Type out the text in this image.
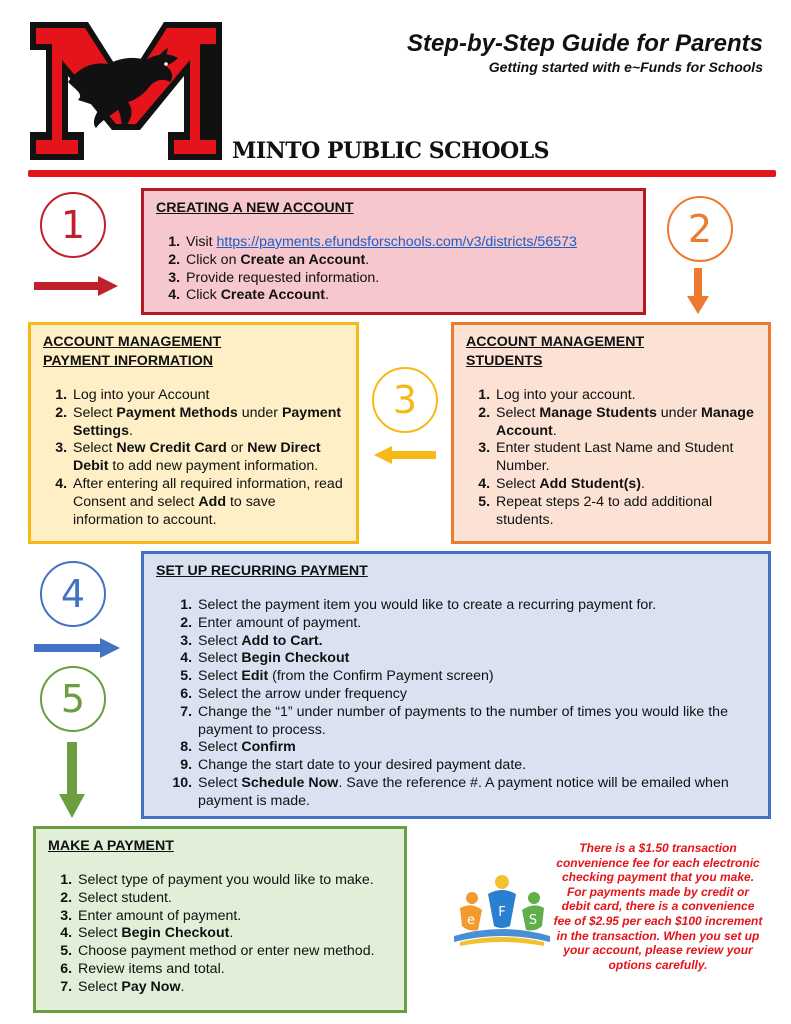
Step-by-Step Guide for Parents
Getting started with e~Funds for Schools
MINTO PUBLIC SCHOOLS
1	2
3
4
5
CREATING A NEW ACCOUNT
1. Visit https://payments.efundsforschools.com/v3/districts/56573
2. Click on Create an Account.
3. Provide requested information.
4. Click Create Account.
ACCOUNT MANAGEMENT
PAYMENT INFORMATION
1. Log into your Account
2. Select Payment Methods under Payment Settings.
3. Select New Credit Card or New Direct Debit to add new payment information.
4. After entering all required information, read Consent and select Add to save information to account.
ACCOUNT MANAGEMENT
STUDENTS
1. Log into your account.
2. Select Manage Students under Manage Account.
3. Enter student Last Name and Student Number.
4. Select Add Student(s).
5. Repeat steps 2-4 to add additional students.
SET UP RECURRING PAYMENT
1. Select the payment item you would like to create a recurring payment for.
2. Enter amount of payment.
3. Select Add to Cart.
4. Select Begin Checkout
5. Select Edit (from the Confirm Payment screen)
6. Select the arrow under frequency
7. Change the “1” under number of payments to the number of times you would like the payment to process.
8. Select Confirm
9. Change the start date to your desired payment date.
10. Select Schedule Now. Save the reference #. A payment notice will be emailed when payment is made.
MAKE A PAYMENT
1. Select type of payment you would like to make.
2. Select student.
3. Enter amount of payment.
4. Select Begin Checkout.
5. Choose payment method or enter new method.
6. Review items and total.
7. Select Pay Now.
e
F
S
There is a $1.50 transaction convenience fee for each electronic checking payment that you make. For payments made by credit or debit card, there is a convenience fee of $2.95 per each $100 increment in the transaction. When you set up your account, please review your options carefully.
